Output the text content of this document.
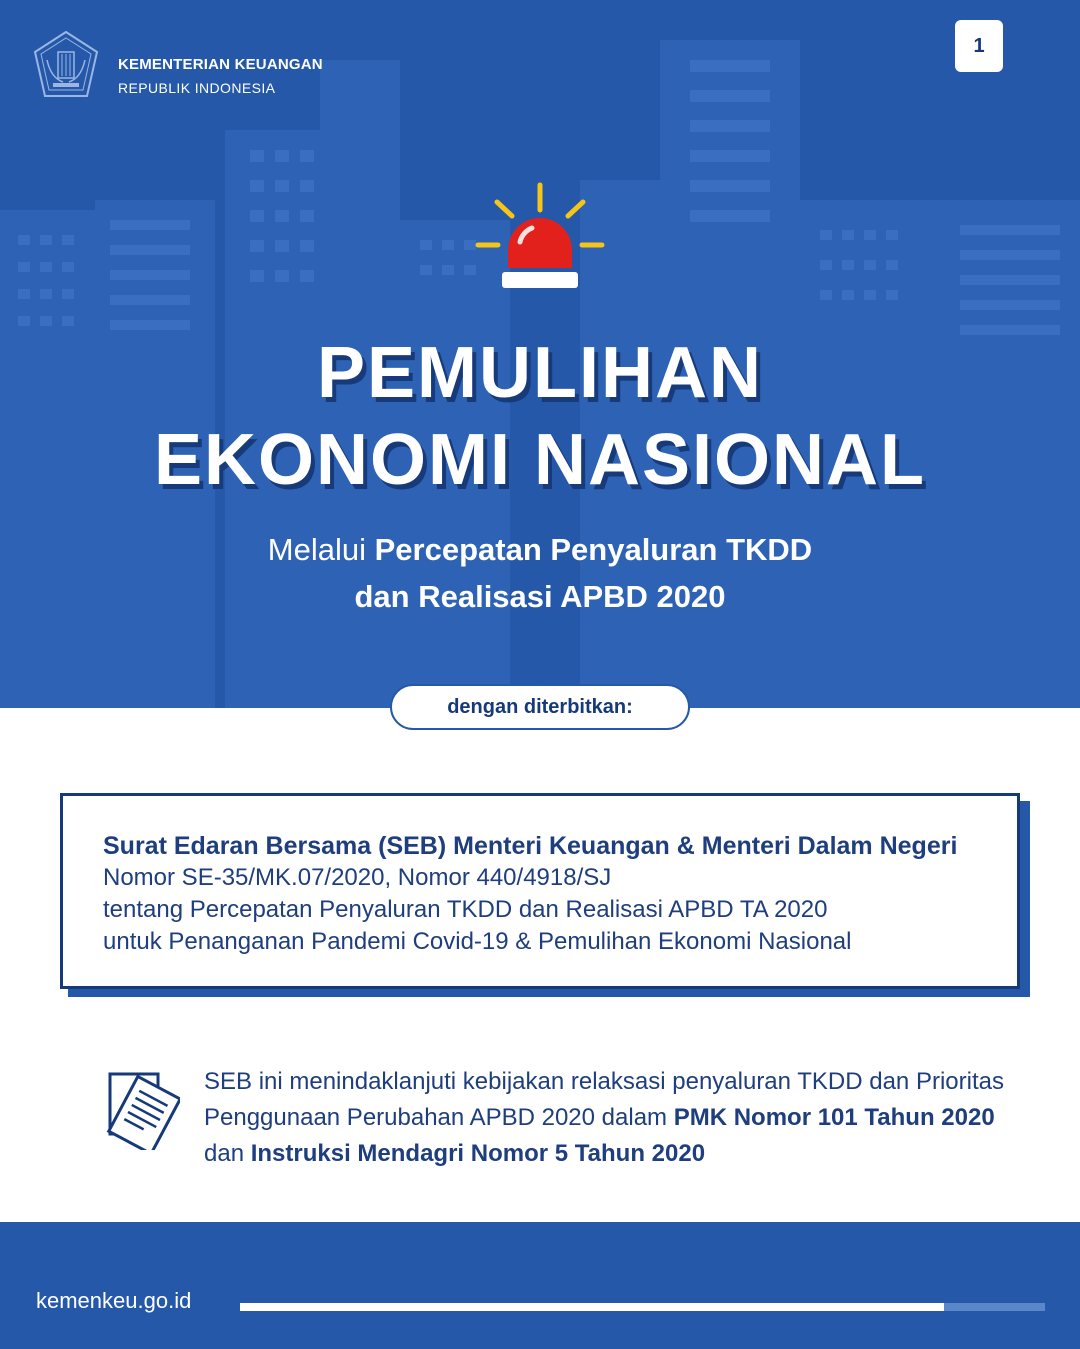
KEMENTERIAN KEUANGAN
REPUBLIK INDONESIA
1
PEMULIHAN
EKONOMI NASIONAL
Melalui Percepatan Penyaluran TKDD
dan Realisasi APBD 2020
dengan diterbitkan:
Surat Edaran Bersama (SEB) Menteri Keuangan & Menteri Dalam Negeri
Nomor SE-35/MK.07/2020, Nomor 440/4918/SJ
tentang Percepatan Penyaluran TKDD dan Realisasi APBD TA 2020
untuk Penanganan Pandemi Covid-19 & Pemulihan Ekonomi Nasional
SEB ini menindaklanjuti kebijakan relaksasi penyaluran TKDD dan Prioritas Penggunaan Perubahan APBD 2020 dalam PMK Nomor 101 Tahun 2020 dan Instruksi Mendagri Nomor 5 Tahun 2020
kemenkeu.go.id
